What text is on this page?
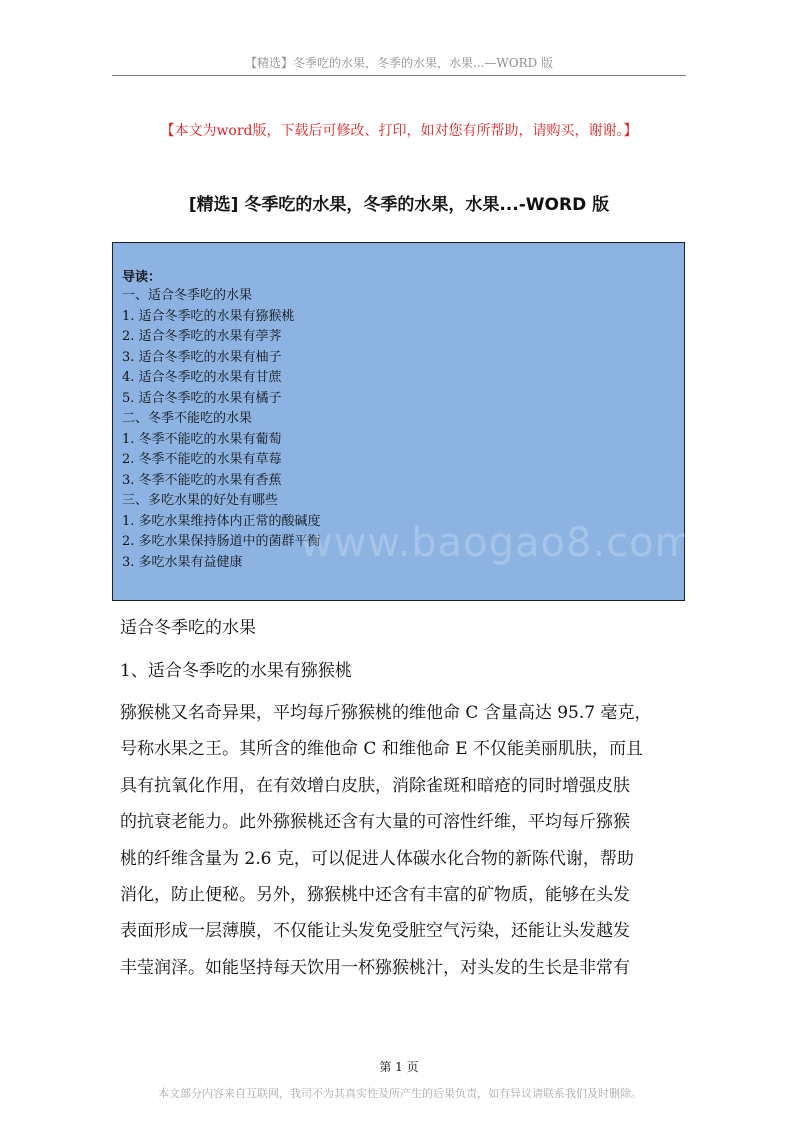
【精选】冬季吃的水果，冬季的水果，水果...—WORD 版
【本文为word版，下载后可修改、打印，如对您有所帮助，请购买，谢谢。】
[精选] 冬季吃的水果，冬季的水果，水果...-WORD 版
导读：
一、适合冬季吃的水果
1. 适合冬季吃的水果有猕猴桃
2. 适合冬季吃的水果有荸荠
3. 适合冬季吃的水果有柚子
4. 适合冬季吃的水果有甘蔗
5. 适合冬季吃的水果有橘子
二、冬季不能吃的水果
1. 冬季不能吃的水果有葡萄
2. 冬季不能吃的水果有草莓
3. 冬季不能吃的水果有香蕉
三、多吃水果的好处有哪些
1. 多吃水果维持体内正常的酸碱度
2. 多吃水果保持肠道中的菌群平衡
3. 多吃水果有益健康	www.baogao8.com
适合冬季吃的水果
1、适合冬季吃的水果有猕猴桃
猕猴桃又名奇异果，平均每斤猕猴桃的维他命 C 含量高达 95.7 毫克，
号称水果之王。其所含的维他命 C 和维他命 E 不仅能美丽肌肤，而且
具有抗氧化作用，在有效增白皮肤，消除雀斑和暗疮的同时增强皮肤
的抗衰老能力。此外猕猴桃还含有大量的可溶性纤维，平均每斤猕猴
桃的纤维含量为 2.6 克，可以促进人体碳水化合物的新陈代谢，帮助
消化，防止便秘。另外，猕猴桃中还含有丰富的矿物质，能够在头发
表面形成一层薄膜，不仅能让头发免受脏空气污染，还能让头发越发
丰莹润泽。如能坚持每天饮用一杯猕猴桃汁，对头发的生长是非常有
第 1 页
本文部分内容来自互联网，我司不为其真实性及所产生的后果负责，如有异议请联系我们及时删除。
